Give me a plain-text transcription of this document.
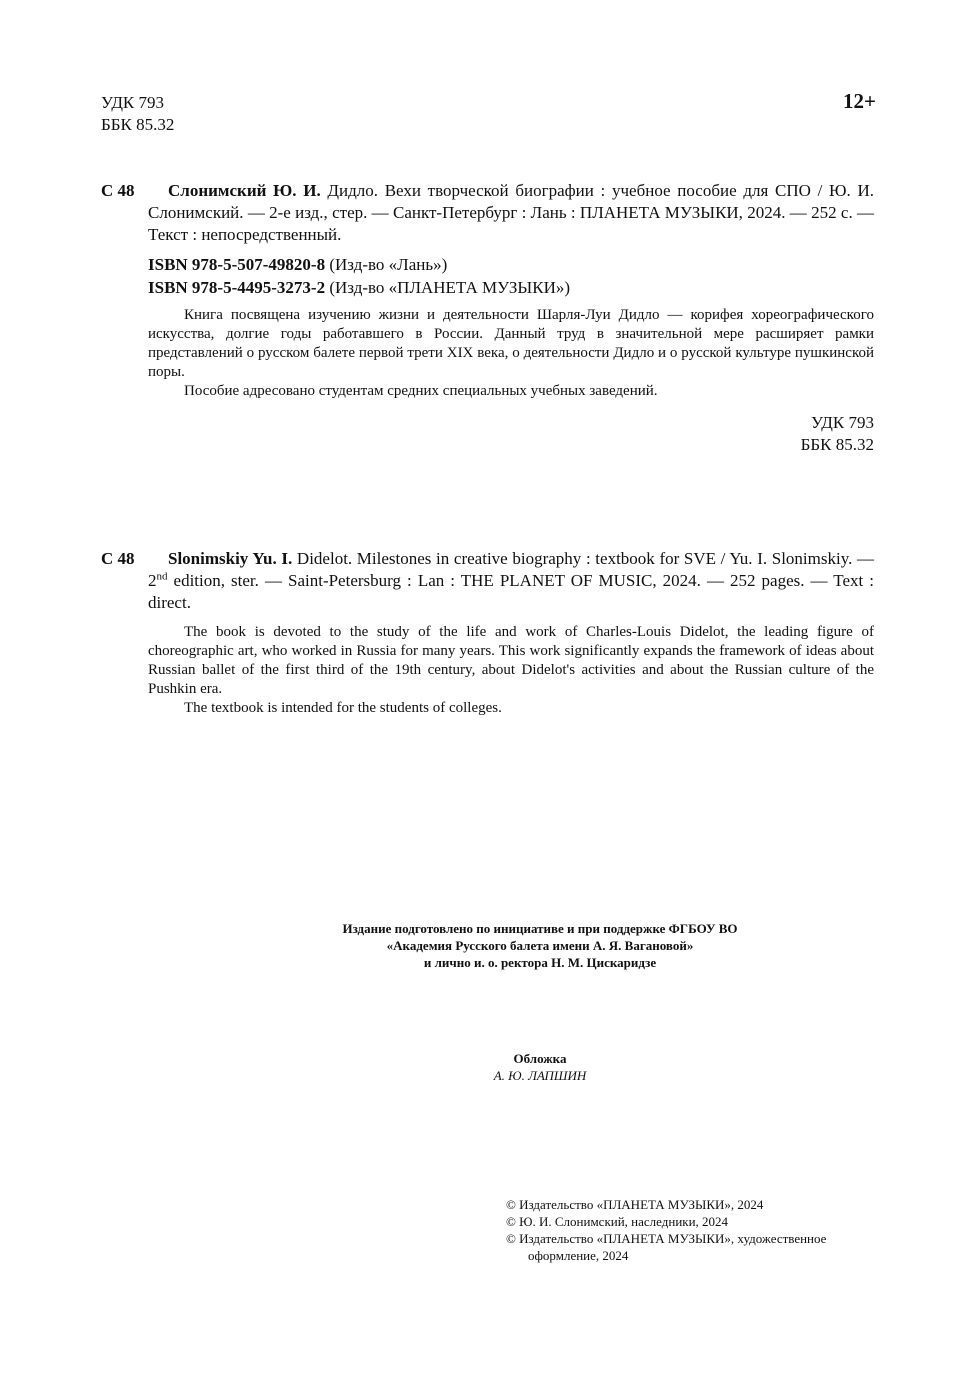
УДК 793
ББК 85.32
12+
С 48	Слонимский Ю. И. Дидло. Вехи творческой биографии : учебное пособие для СПО / Ю. И. Слонимский. — 2-е изд., стер. — Санкт-Петербург : Лань : ПЛАНЕТА МУЗЫКИ, 2024. — 252 с. — Текст : непосредственный.
ISBN 978-5-507-49820-8 (Изд-во «Лань»)
ISBN 978-5-4495-3273-2 (Изд-во «ПЛАНЕТА МУЗЫКИ»)

Книга посвящена изучению жизни и деятельности Шарля-Луи Дидло — корифея хореографического искусства, долгие годы работавшего в России. Данный труд в значительной мере расширяет рамки представлений о русском балете первой трети XIX века, о деятельности Дидло и о русской культуре пушкинской поры.

Пособие адресовано студентам средних специальных учебных заведений.

УДК 793
ББК 85.32
С 48	Slonimskiy Yu. I. Didelot. Milestones in creative biography : textbook for SVE / Yu. I. Slonimskiy. — 2nd edition, ster. — Saint-Petersburg : Lan : THE PLANET OF MUSIC, 2024. — 252 pages. — Text : direct.

The book is devoted to the study of the life and work of Charles-Louis Didelot, the leading figure of choreographic art, who worked in Russia for many years. This work significantly expands the framework of ideas about Russian ballet of the first third of the 19th century, about Didelot's activities and about the Russian culture of the Pushkin era.

The textbook is intended for the students of colleges.

Издание подготовлено по инициативе и при поддержке ФГБОУ ВО
«Академия Русского балета имени А. Я. Вагановой»
и лично и. о. ректора Н. М. Цискаридзе
Обложка
А. Ю. ЛАПШИН
© Издательство «ПЛАНЕТА МУЗЫКИ», 2024
© Ю. И. Слонимский, наследники, 2024
© Издательство «ПЛАНЕТА МУЗЫКИ», художественное оформление, 2024
